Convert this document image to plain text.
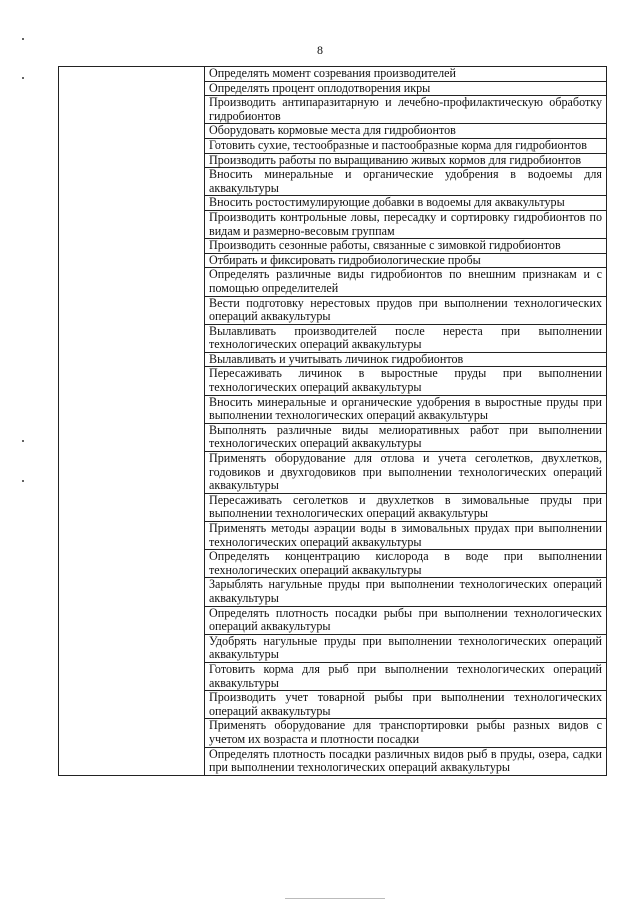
8
	Определять момент созревания производителей
Определять процент оплодотворения икры
Производить антипаразитарную и лечебно-профилактическую обработку гидробионтов
Оборудовать кормовые места для гидробионтов
Готовить сухие, тестообразные и пастообразные корма для гидробионтов
Производить работы по выращиванию живых кормов для гидробионтов
Вносить минеральные и органические удобрения в водоемы для аквакультуры
Вносить ростостимулирующие добавки в водоемы для аквакультуры
Производить контрольные ловы, пересадку и сортировку гидробионтов по видам и размерно-весовым группам
Производить сезонные работы, связанные с зимовкой гидробионтов
Отбирать и фиксировать гидробиологические пробы
Определять различные виды гидробионтов по внешним признакам и с помощью определителей
Вести подготовку нерестовых прудов при выполнении технологических операций аквакультуры
Вылавливать производителей после нереста при выполнении технологических операций аквакультуры
Вылавливать и учитывать личинок гидробионтов
Пересаживать личинок в выростные пруды при выполнении технологических операций аквакультуры
Вносить минеральные и органические удобрения в выростные пруды при выполнении технологических операций аквакультуры
Выполнять различные виды мелиоративных работ при выполнении технологических операций аквакультуры
Применять оборудование для отлова и учета сеголетков, двухлетков, годовиков и двухгодовиков при выполнении технологических операций аквакультуры
Пересаживать сеголетков и двухлетков в зимовальные пруды при выполнении технологических операций аквакультуры
Применять методы аэрации воды в зимовальных прудах при выполнении технологических операций аквакультуры
Определять концентрацию кислорода в воде при выполнении технологических операций аквакультуры
Зарыблять нагульные пруды при выполнении технологических операций аквакультуры
Определять плотность посадки рыбы при выполнении технологических операций аквакультуры
Удобрять нагульные пруды при выполнении технологических операций аквакультуры
Готовить корма для рыб при выполнении технологических операций аквакультуры
Производить учет товарной рыбы при выполнении технологических операций аквакультуры
Применять оборудование для транспортировки рыбы разных видов с учетом их возраста и плотности посадки
Определять плотность посадки различных видов рыб в пруды, озера, садки при выполнении технологических операций аквакультуры
